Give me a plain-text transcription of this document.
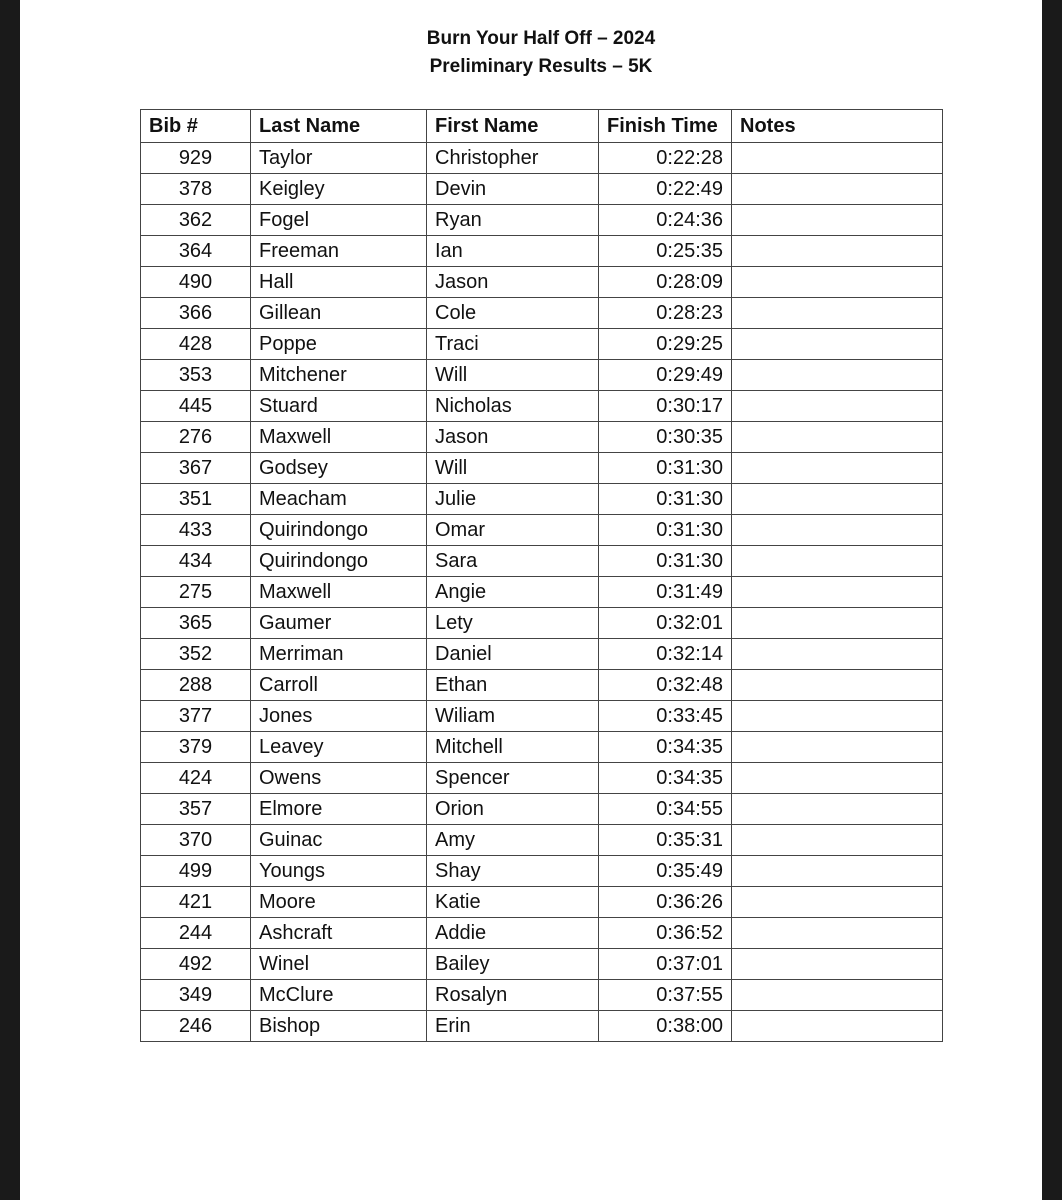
Burn Your Half Off – 2024
Preliminary Results – 5K
Bib #	Last Name	First Name	Finish Time	Notes
929	Taylor	Christopher	0:22:28	
378	Keigley	Devin	0:22:49	
362	Fogel	Ryan	0:24:36	
364	Freeman	Ian	0:25:35	
490	Hall	Jason	0:28:09	
366	Gillean	Cole	0:28:23	
428	Poppe	Traci	0:29:25	
353	Mitchener	Will	0:29:49	
445	Stuard	Nicholas	0:30:17	
276	Maxwell	Jason	0:30:35	
367	Godsey	Will	0:31:30	
351	Meacham	Julie	0:31:30	
433	Quirindongo	Omar	0:31:30	
434	Quirindongo	Sara	0:31:30	
275	Maxwell	Angie	0:31:49	
365	Gaumer	Lety	0:32:01	
352	Merriman	Daniel	0:32:14	
288	Carroll	Ethan	0:32:48	
377	Jones	Wiliam	0:33:45	
379	Leavey	Mitchell	0:34:35	
424	Owens	Spencer	0:34:35	
357	Elmore	Orion	0:34:55	
370	Guinac	Amy	0:35:31	
499	Youngs	Shay	0:35:49	
421	Moore	Katie	0:36:26	
244	Ashcraft	Addie	0:36:52	
492	Winel	Bailey	0:37:01	
349	McClure	Rosalyn	0:37:55	
246	Bishop	Erin	0:38:00	
